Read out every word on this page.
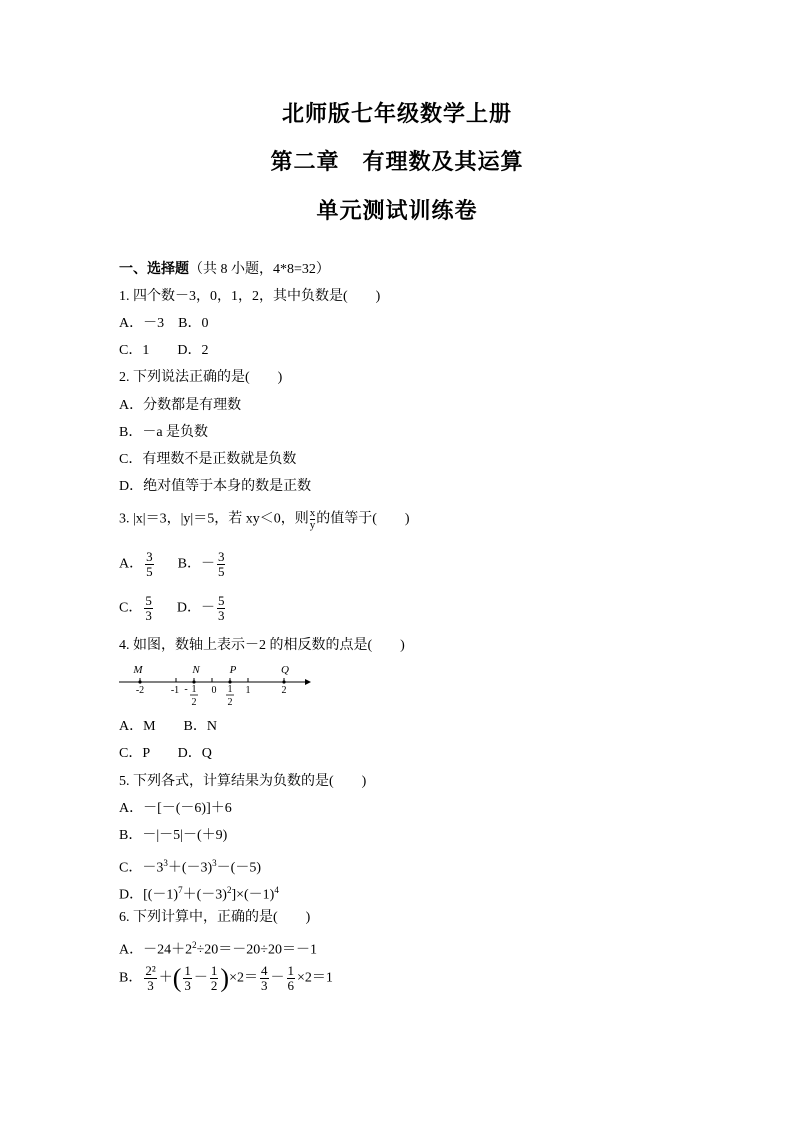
北师版七年级数学上册
第二章　有理数及其运算
单元测试训练卷
一、选择题（共 8 小题，4*8=32）
1. 四个数－3，0，1，2，其中负数是(　　)
A．－3　B．0
C．1　　D．2
2. 下列说法正确的是(　　)
A．分数都是有理数
B．－a 是负数
C．有理数不是正数就是负数
D．绝对值等于本身的数是正数
3. |x|＝3，|y|＝5，若 xy＜0，则 $\frac{x}{y}$ 的值等于(　　)
A． $\frac{3}{5}$ B．－ $\frac{3}{5}$
C． $\frac{5}{3}$ D．－ $\frac{5}{3}$
4. 如图，数轴上表示－2 的相反数的点是(　　)
M	N	P	Q
-2	-1	0	1	2
- 1
2
1
2
A．M　　B．N
C．P　　D．Q
5. 下列各式，计算结果为负数的是(　　)
A．－[－(－6)]＋6
B．－|－5|－(＋9)
C．$-3^3+(-3)^3-(-5)$
D．$[(-1)^7+(-3)^2]\times(-1)^4$
6. 下列计算中，正确的是(　　)
A．$-24+2^2\div 20=-20\div 20=-1$
B． $\frac{\text{2²}}{3}$ ＋( $\frac{1}{3} - \frac{1}{2} )\times 2= \frac{4}{3} - \frac{1}{6} \times 2=1$
